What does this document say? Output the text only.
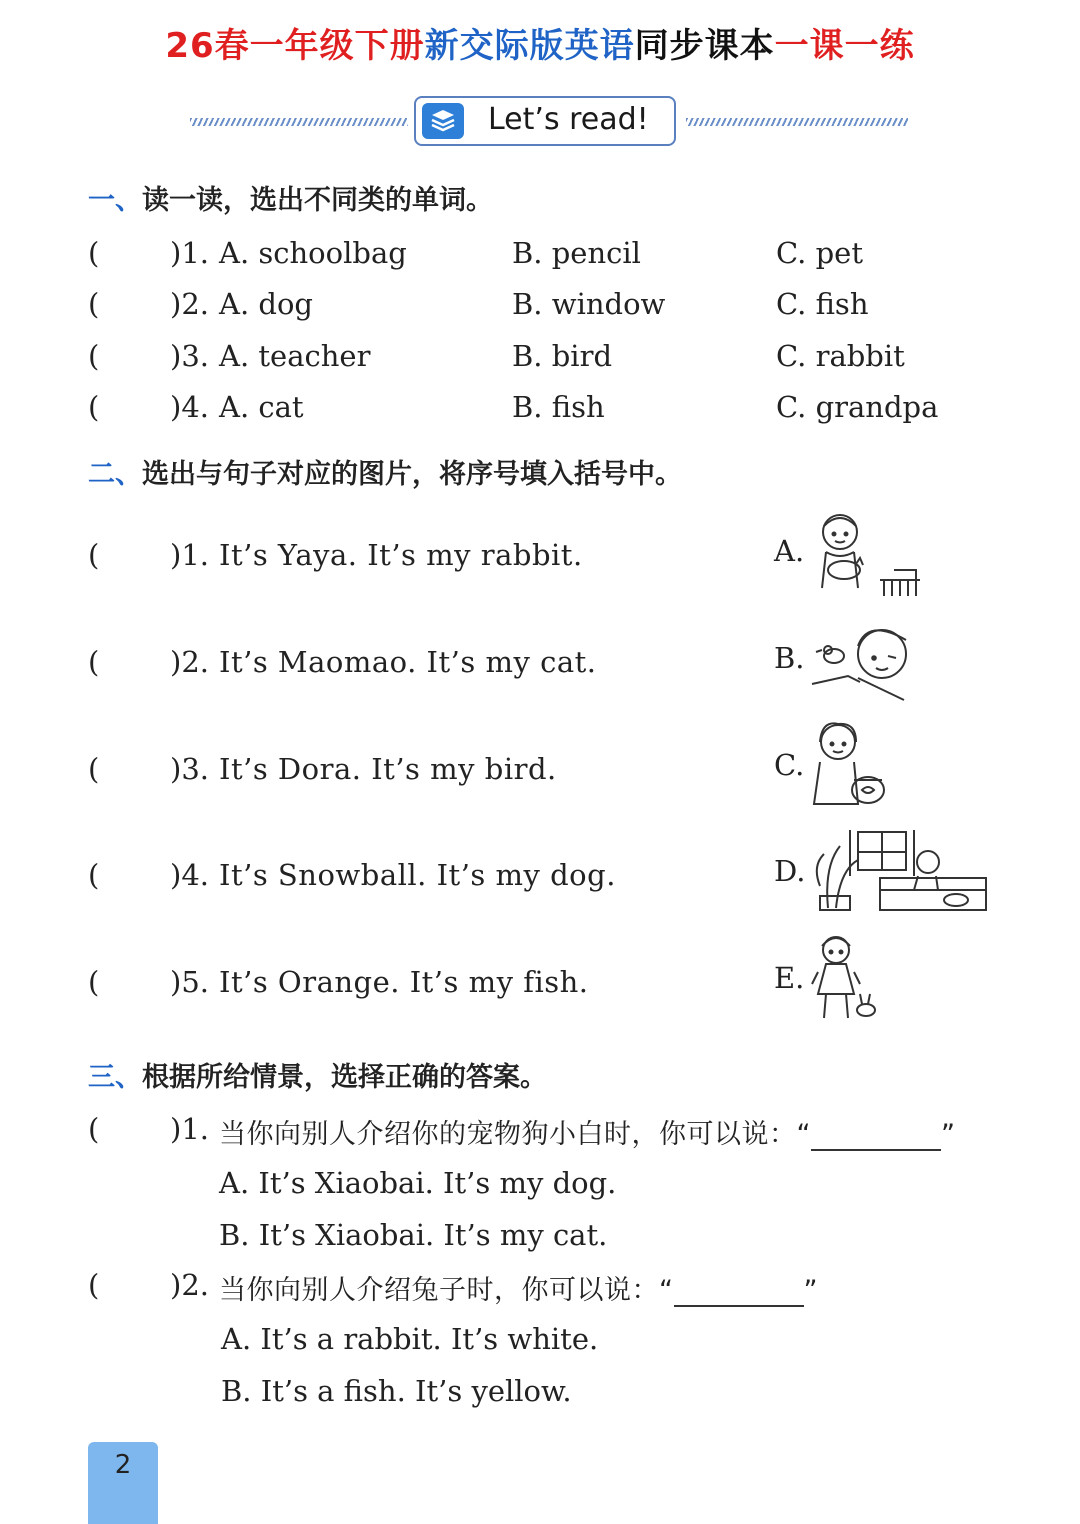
26春一年级下册新交际版英语同步课本一课一练
Let’s read!
一、读一读，选出不同类的单词。
( )1. A. schoolbag	B. pencil	C. pet
( )2. A. dog	B. window	C. fish
( )3. A. teacher	B. bird	C. rabbit
( )4. A. cat	B. fish	C. grandpa
二、选出与句子对应的图片，将序号填入括号中。
( )1. It’s Yaya. It’s my rabbit.	A.
( )2. It’s Maomao. It’s my cat.	B.
( )3. It’s Dora. It’s my bird.	C.
( )4. It’s Snowball. It’s my dog.	D.
( )5. It’s Orange. It’s my fish.	E.
三、根据所给情景，选择正确的答案。
( )1. 当你向别人介绍你的宠物狗小白时，你可以说：“	”
A. It’s Xiaobai. It’s my dog.
B. It’s Xiaobai. It’s my cat.
( )2. 当你向别人介绍兔子时，你可以说：“	”
A. It’s a rabbit. It’s white.
B. It’s a fish. It’s yellow.
2
